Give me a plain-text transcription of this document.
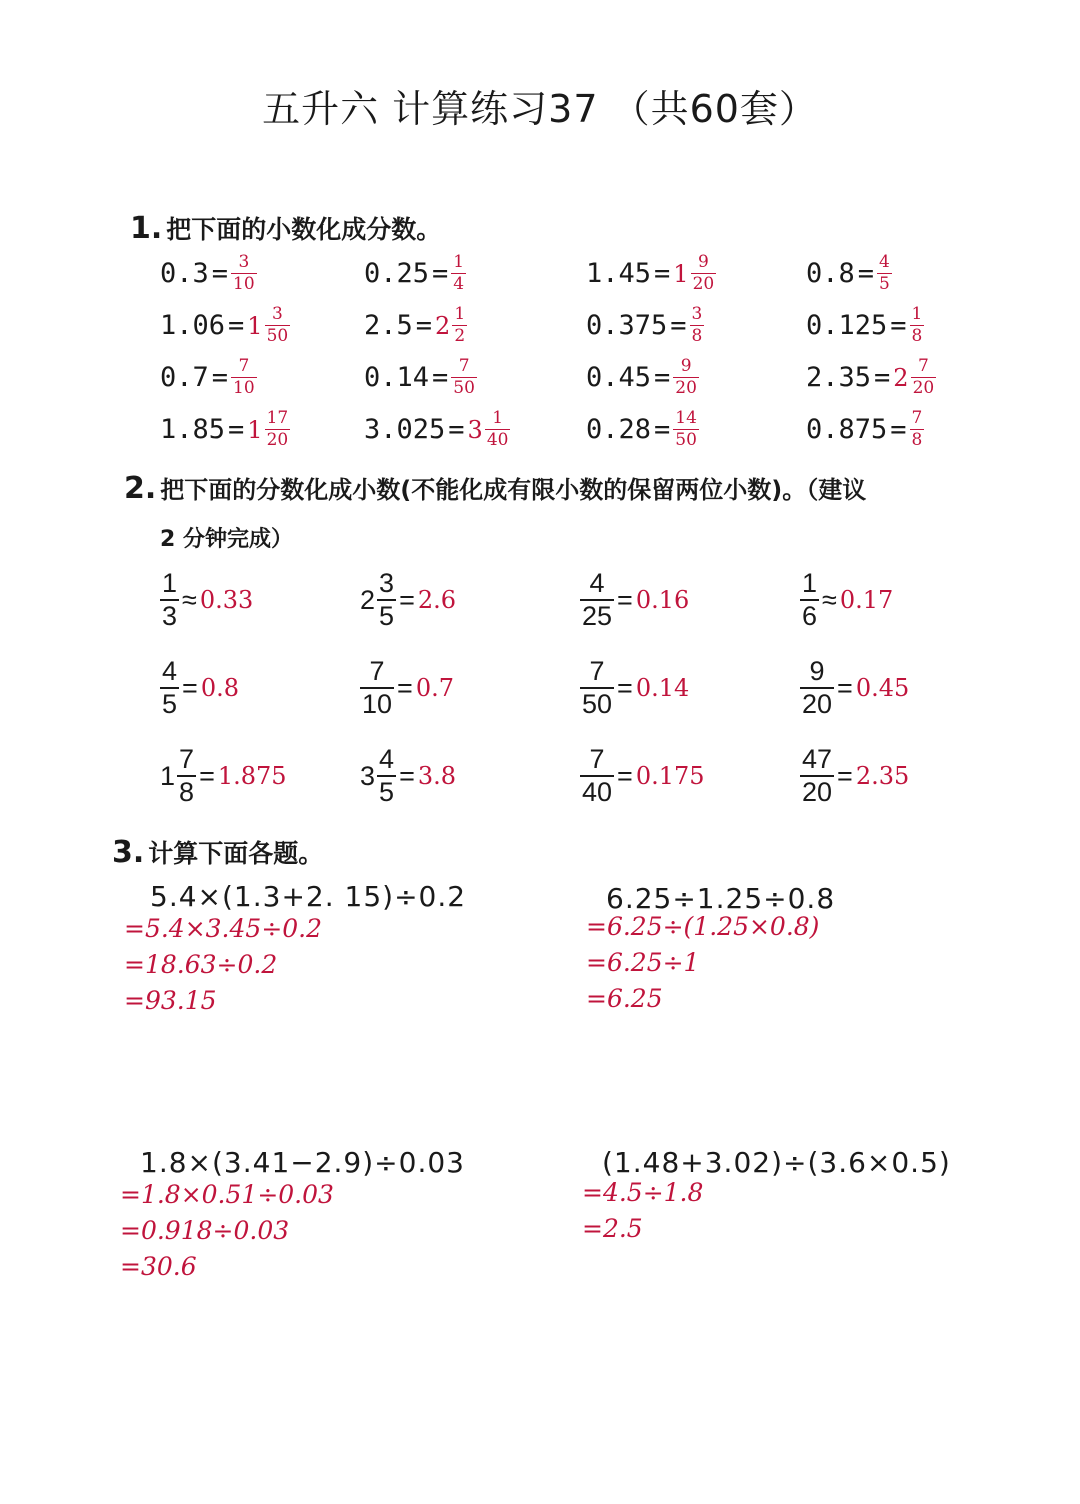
五升六 计算练习37 （共60套）
1. 把下面的小数化成分数。
$0.3 = \frac{3}{10}$	$0.25 = \frac{1}{4}$	$1.45 = 1 \frac{9}{20}$	$0.8 = \frac{4}{5}$
$1.06 = 1 \frac{3}{50}$	$2.5 = 2 \frac{1}{2}$	$0.375 = \frac{3}{8}$	$0.125 = \frac{1}{8}$
$0.7 = \frac{7}{10}$	$0.14 = \frac{7}{50}$	$0.45 = \frac{9}{20}$	$2.35 = 2 \frac{7}{20}$
$1.85 = 1 \frac{17}{20}$	$3.025 = 3 \frac{1}{40}$	$0.28 = \frac{14}{50}$	$0.875 = \frac{7}{8}$
2. 把下面的分数化成小数(不能化成有限小数的保留两位小数)。（建议
2 分钟完成）
$\frac{1}{3} \approx 0.33$	$2 \frac{3}{5} = 2.6$	$\frac{4}{25} = 0.16$	$\frac{1}{6} \approx 0.17$
$\frac{4}{5} = 0.8$	$\frac{7}{10} = 0.7$	$\frac{7}{50} = 0.14$	$\frac{9}{20} = 0.45$
$1 \frac{7}{8} = 1.875$	$3 \frac{4}{5} = 3.8$	$\frac{7}{40} = 0.175$	$\frac{47}{20} = 2.35$
3. 计算下面各题。
5.4×(1.3+2. 15)÷0.2
=5.4×3.45÷0.2
=18.63÷0.2
=93.15
6.25÷1.25÷0.8
=6.25÷(1.25×0.8)
=6.25÷1
=6.25
1.8×(3.41−2.9)÷0.03
=1.8×0.51÷0.03
=0.918÷0.03
=30.6
(1.48+3.02)÷(3.6×0.5)
=4.5÷1.8
=2.5
